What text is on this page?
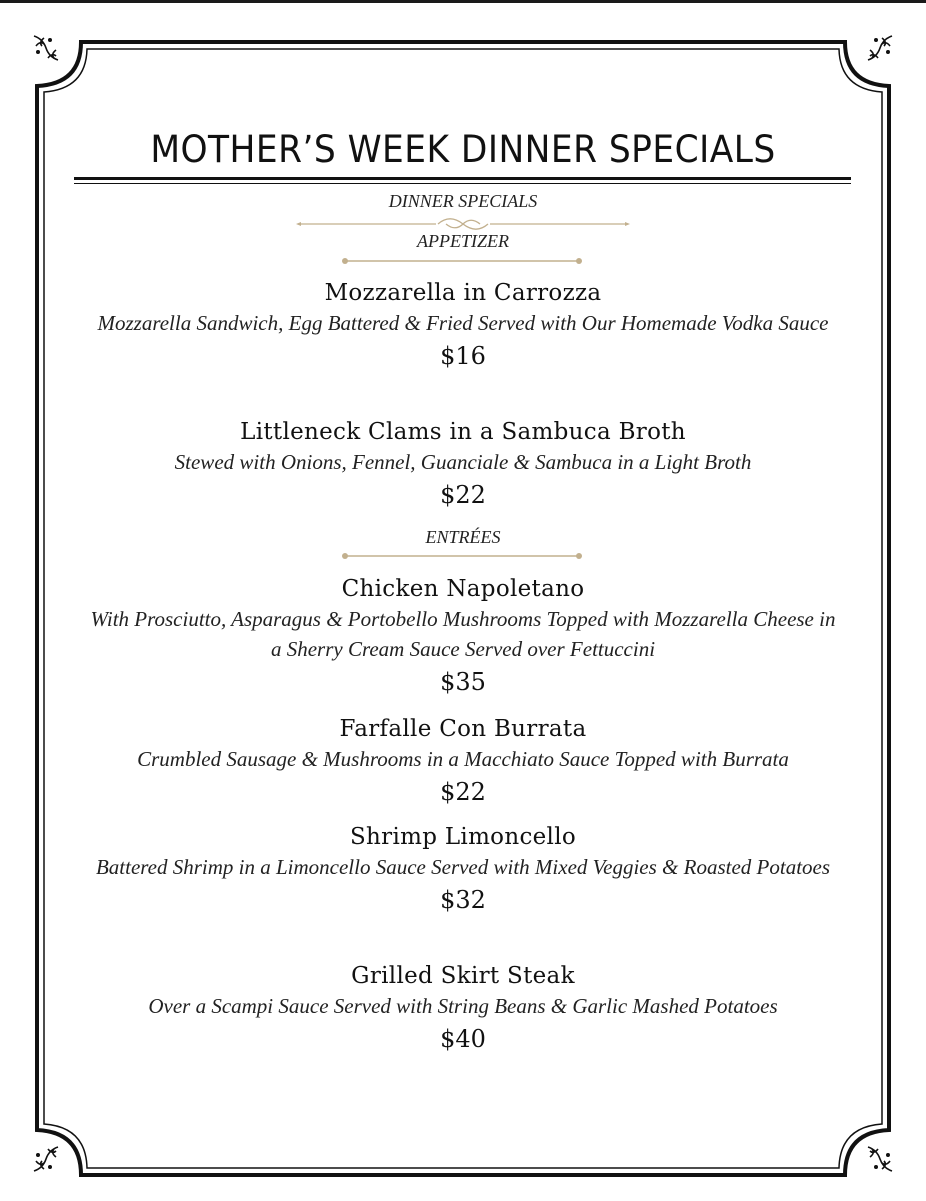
MOTHER’S WEEK DINNER SPECIALS
DINNER SPECIALS
APPETIZER
Mozzarella in Carrozza
Mozzarella Sandwich, Egg Battered & Fried Served with Our Homemade Vodka Sauce
$16
Littleneck Clams in a Sambuca Broth
Stewed with Onions, Fennel, Guanciale & Sambuca in a Light Broth
$22
ENTRÉES
Chicken Napoletano
With Prosciutto, Asparagus & Portobello Mushrooms Topped with Mozzarella Cheese in a Sherry Cream Sauce Served over Fettuccini
$35
Farfalle Con Burrata
Crumbled Sausage & Mushrooms in a Macchiato Sauce Topped with Burrata
$22
Shrimp Limoncello
Battered Shrimp in a Limoncello Sauce Served with Mixed Veggies & Roasted Potatoes
$32
Grilled Skirt Steak
Over a Scampi Sauce Served with String Beans & Garlic Mashed Potatoes
$40
